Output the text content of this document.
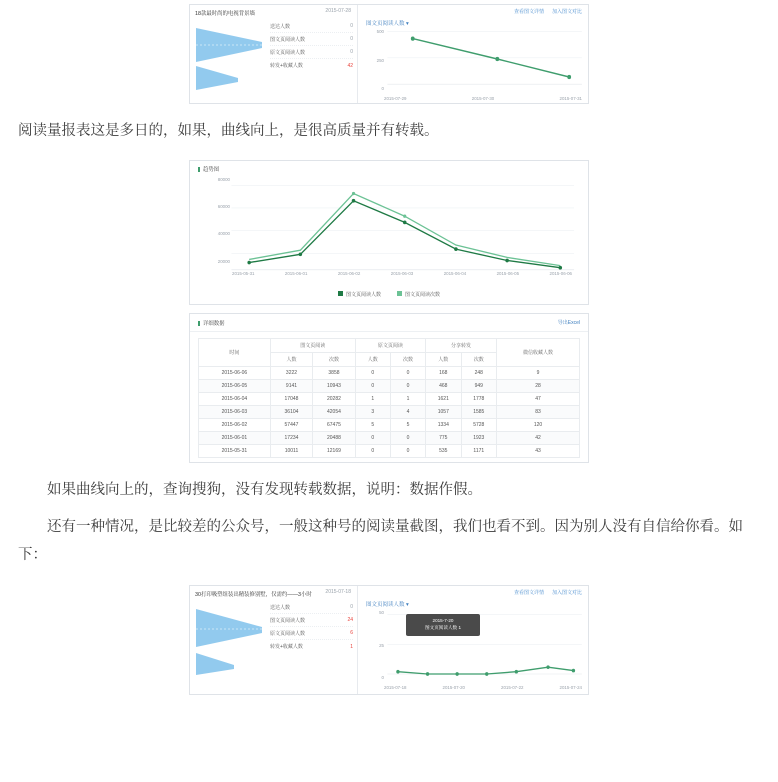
18款最时尚的电视背景墙	2015-07-28
送达人数	0
图文页阅读人数	0
原文页阅读人数	0
转发+收藏人数	42
查看图文详情 加入图文对比
图文页阅读人数 ▾
500
250
0
2015-07-29	2015-07-30	2015-07-31

阅读量报表这是多日的，如果，曲线向上，是很高质量并有转载。

趋势图
80000
60000
40000
20000
2015-05-31	2015-06-01	2015-06-02	2015-06-03	2015-06-04	2015-06-05	2015-06-06
图文页阅读人数	图文页阅读次数
详细数据	导出Excel
时间	图文页阅读		原文页阅读		分享转发		微信收藏人数
	人数	次数	人数	次数	人数	次数	
2015-06-06	3222	3858	0	0	168	248	9
2015-06-05	9141	10943	0	0	468	949	28
2015-06-04	17048	20282	1	1	1621	1778	47
2015-06-03	36104	42054	3	4	1057	1585	83
2015-06-02	57447	67475	5	5	1334	5728	120
2015-06-01	17234	20488	0	0	775	1923	42
2015-05-31	10011	12169	0	0	535	1171	43

如果曲线向上的，查询搜狗，没有发现转载数据，说明：数据作假。

还有一种情况，是比较差的公众号，一般这种号的阅读量截图，我们也看不到。因为别人没有自信给你看。如下：

30打印吸塑组装出精装修别墅，仅需约——3小时	2015-07-18
送达人数	0
图文页阅读人数	24
原文页阅读人数	6
转发+收藏人数	1
查看图文详情 加入图文对比
图文页阅读人数 ▾
2015-7-20
图文页阅读人数 1
50
25
0
2015-07-18	2015-07-20	2015-07-22	2015-07-24
